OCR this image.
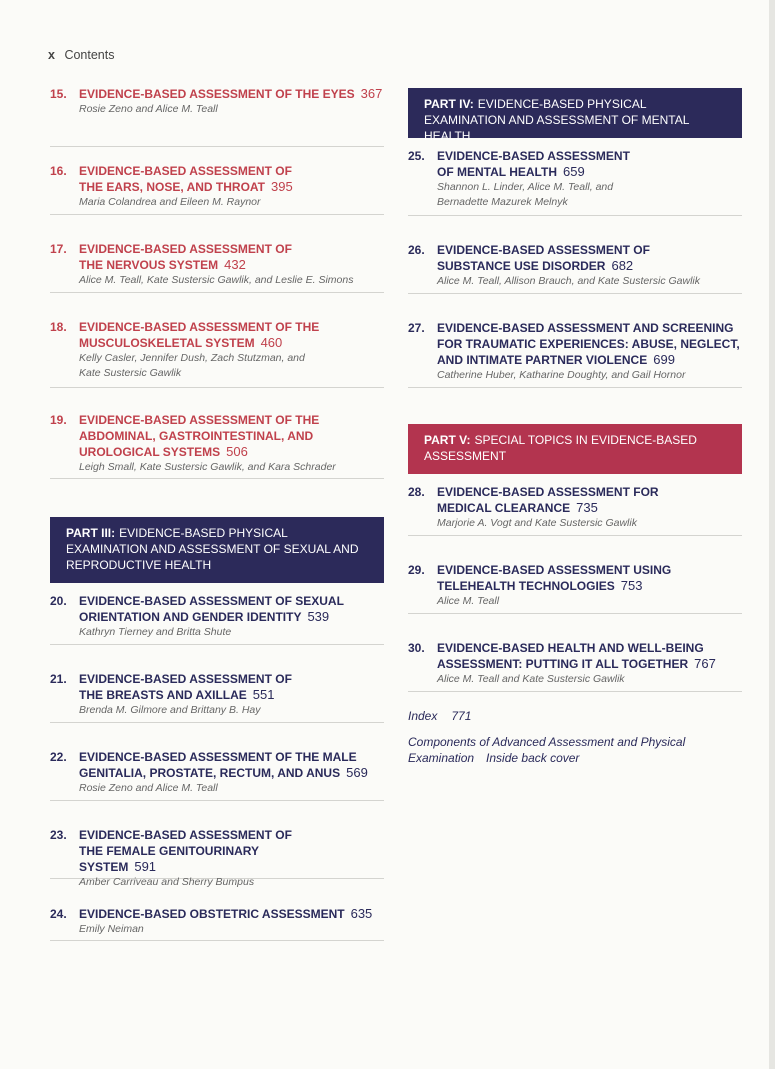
x Contents
15. EVIDENCE-BASED ASSESSMENT OF THE EYES 367
Rosie Zeno and Alice M. Teall
16. EVIDENCE-BASED ASSESSMENT OF THE EARS, NOSE, AND THROAT 395
Maria Colandrea and Eileen M. Raynor
17. EVIDENCE-BASED ASSESSMENT OF THE NERVOUS SYSTEM 432
Alice M. Teall, Kate Sustersic Gawlik, and Leslie E. Simons
18. EVIDENCE-BASED ASSESSMENT OF THE MUSCULOSKELETAL SYSTEM 460
Kelly Casler, Jennifer Dush, Zach Stutzman, and Kate Sustersic Gawlik
19. EVIDENCE-BASED ASSESSMENT OF THE ABDOMINAL, GASTROINTESTINAL, AND UROLOGICAL SYSTEMS 506
Leigh Small, Kate Sustersic Gawlik, and Kara Schrader
PART III: EVIDENCE-BASED PHYSICAL EXAMINATION AND ASSESSMENT OF SEXUAL AND REPRODUCTIVE HEALTH
20. EVIDENCE-BASED ASSESSMENT OF SEXUAL ORIENTATION AND GENDER IDENTITY 539
Kathryn Tierney and Britta Shute
21. EVIDENCE-BASED ASSESSMENT OF THE BREASTS AND AXILLAE 551
Brenda M. Gilmore and Brittany B. Hay
22. EVIDENCE-BASED ASSESSMENT OF THE MALE GENITALIA, PROSTATE, RECTUM, AND ANUS 569
Rosie Zeno and Alice M. Teall
23. EVIDENCE-BASED ASSESSMENT OF THE FEMALE GENITOURINARY SYSTEM 591
Amber Carriveau and Sherry Bumpus
24. EVIDENCE-BASED OBSTETRIC ASSESSMENT 635
Emily Neiman
PART IV: EVIDENCE-BASED PHYSICAL EXAMINATION AND ASSESSMENT OF MENTAL HEALTH
25. EVIDENCE-BASED ASSESSMENT OF MENTAL HEALTH 659
Shannon L. Linder, Alice M. Teall, and Bernadette Mazurek Melnyk
26. EVIDENCE-BASED ASSESSMENT OF SUBSTANCE USE DISORDER 682
Alice M. Teall, Allison Brauch, and Kate Sustersic Gawlik
27. EVIDENCE-BASED ASSESSMENT AND SCREENING FOR TRAUMATIC EXPERIENCES: ABUSE, NEGLECT, AND INTIMATE PARTNER VIOLENCE 699
Catherine Huber, Katharine Doughty, and Gail Hornor
PART V: SPECIAL TOPICS IN EVIDENCE-BASED ASSESSMENT
28. EVIDENCE-BASED ASSESSMENT FOR MEDICAL CLEARANCE 735
Marjorie A. Vogt and Kate Sustersic Gawlik
29. EVIDENCE-BASED ASSESSMENT USING TELEHEALTH TECHNOLOGIES 753
Alice M. Teall
30. EVIDENCE-BASED HEALTH AND WELL-BEING ASSESSMENT: PUTTING IT ALL TOGETHER 767
Alice M. Teall and Kate Sustersic Gawlik
Index 771
Components of Advanced Assessment and Physical Examination Inside back cover
